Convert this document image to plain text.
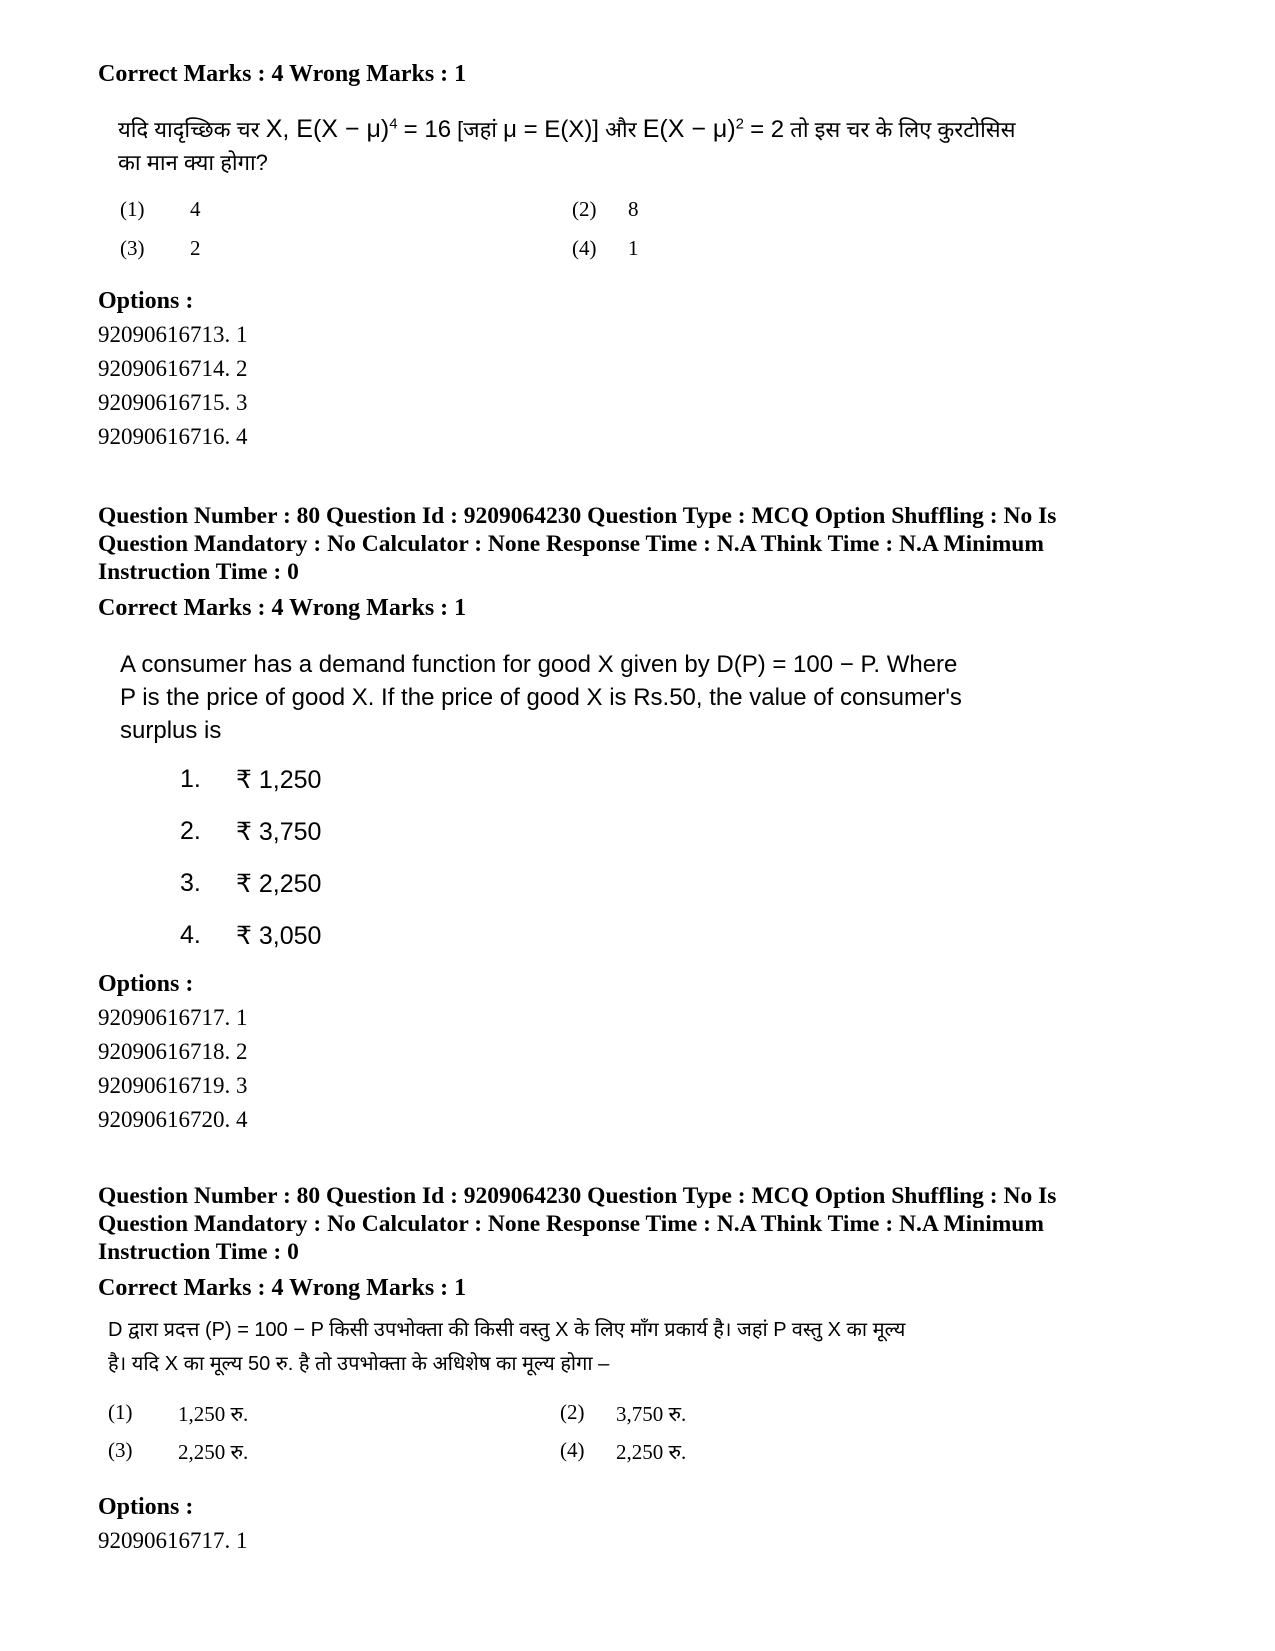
Correct Marks : 4 Wrong Marks : 1
यदि यादृच्छिक चर X, $E(X - \mu)^4 = 16$ [जहां μ = E(X)] और $E(X - \mu)^2 = 2$ तो इस चर के लिए कुरटोसिस
का मान क्या होगा?
(1) 4	(2) 8
(3) 2	(4) 1
Options :
92090616713. 1
92090616714. 2
92090616715. 3
92090616716. 4
Question Number : 80 Question Id : 9209064230 Question Type : MCQ Option Shuffling : No Is
Question Mandatory : No Calculator : None Response Time : N.A Think Time : N.A Minimum
Instruction Time : 0
Correct Marks : 4 Wrong Marks : 1
A consumer has a demand function for good X given by D(P) = 100 − P. Where
P is the price of good X. If the price of good X is Rs.50, the value of consumer's
surplus is
1. ₹ 1,250
2. ₹ 3,750
3. ₹ 2,250
4. ₹ 3,050
Options :
92090616717. 1
92090616718. 2
92090616719. 3
92090616720. 4
Question Number : 80 Question Id : 9209064230 Question Type : MCQ Option Shuffling : No Is
Question Mandatory : No Calculator : None Response Time : N.A Think Time : N.A Minimum
Instruction Time : 0
Correct Marks : 4 Wrong Marks : 1
D द्वारा प्रदत्त (P) = 100 − P किसी उपभोक्ता की किसी वस्तु X के लिए माँग प्रकार्य है। जहां P वस्तु X का मूल्य
है। यदि X का मूल्य 50 रु. है तो उपभोक्ता के अधिशेष का मूल्य होगा –
(1) 1,250 रु.	(2) 3,750 रु.
(3) 2,250 रु.	(4) 2,250 रु.
Options :
92090616717. 1
